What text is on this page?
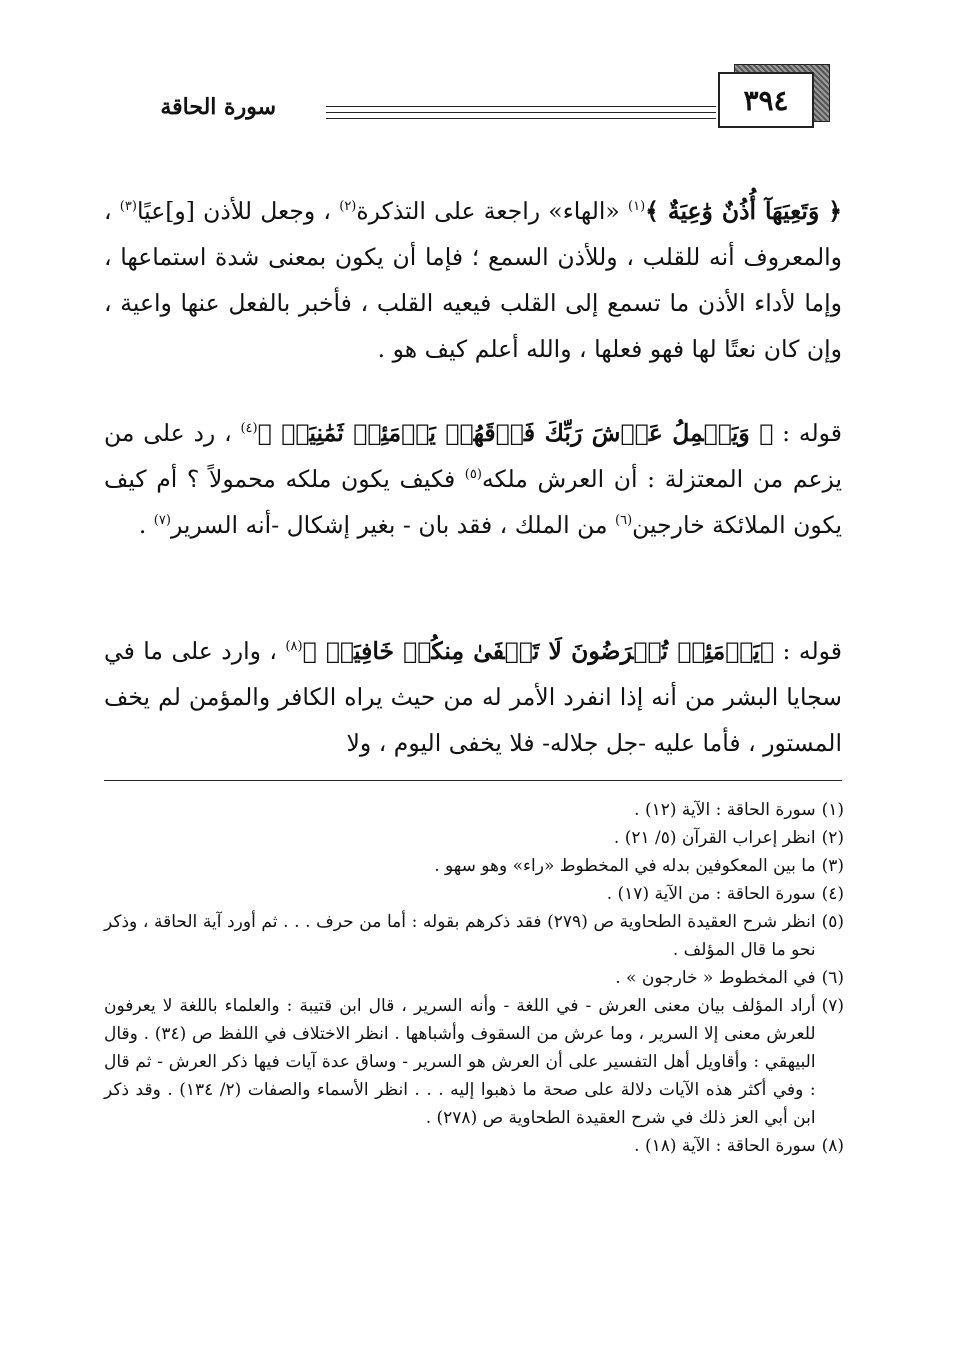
٣٩٤
سورة الحاقة
﴿ وَتَعِيَهَآ أُذُنٌ وَٰعِيَةٌ ﴾$^{(١)}$ «الهاء» راجعة على التذكرة$^{(٢)}$ ، وجعل للأذن [و]عيًا$^{(٣)}$ ، والمعروف أنه للقلب ، وللأذن السمع ؛ فإما أن يكون بمعنى شدة استماعها ، وإما لأداء الأذن ما تسمع إلى القلب فيعيه القلب ، فأخبر بالفعل عنها واعية ، وإن كان نعتًا لها فهو فعلها ، والله أعلم كيف هو .
قوله : ﴿ وَيَحۡمِلُ عَرۡشَ رَبِّكَ فَوۡقَهُمۡ يَوۡمَئِذٖ ثَمَٰنِيَةٞ ﴾$^{(٤)}$ ، رد على من يزعم من المعتزلة : أن العرش ملكه$^{(٥)}$ فكيف يكون ملكه محمولاً ؟ أم كيف يكون الملائكة خارجين$^{(٦)}$ من الملك ، فقد بان - بغير إشكال -أنه السرير$^{(٧)}$ .
قوله : ﴿يَوۡمَئِذٖ تُعۡرَضُونَ لَا تَخۡفَىٰ مِنكُمۡ خَافِيَةٞ ﴾$^{(٨)}$ ، وارد على ما في سجايا البشر من أنه إذا انفرد الأمر له من حيث يراه الكافر والمؤمن لم يخف المستور ، فأما عليه -جل جلاله- فلا يخفى اليوم ، ولا
(١)
سورة الحاقة : الآية (١٢) .
(٢)
انظر إعراب القرآن (٥/ ٢١) .
(٣)
ما بين المعكوفين بدله في المخطوط «راء» وهو سهو .
(٤)
سورة الحاقة : من الآية (١٧) .
(٥)
انظر شرح العقيدة الطحاوية ص (٢٧٩) فقد ذكرهم بقوله : أما من حرف . . . ثم أورد آية الحاقة ، وذكر نحو ما قال المؤلف .
(٦)
في المخطوط « خارجون » .
(٧)
أراد المؤلف بيان معنى العرش - في اللغة - وأنه السرير ، قال ابن قتيبة : والعلماء باللغة لا يعرفون للعرش معنى إلا السرير ، وما عرش من السقوف وأشباهها . انظر الاختلاف في اللفظ ص (٣٤) . وقال البيهقي : وأقاويل أهل التفسير على أن العرش هو السرير - وساق عدة آيات فيها ذكر العرش - ثم قال : وفي أكثر هذه الآيات دلالة على صحة ما ذهبوا إليه . . . انظر الأسماء والصفات (٢/ ١٣٤) . وقد ذكر ابن أبي العز ذلك في شرح العقيدة الطحاوية ص (٢٧٨) .
(٨)
سورة الحاقة : الآية (١٨) .
